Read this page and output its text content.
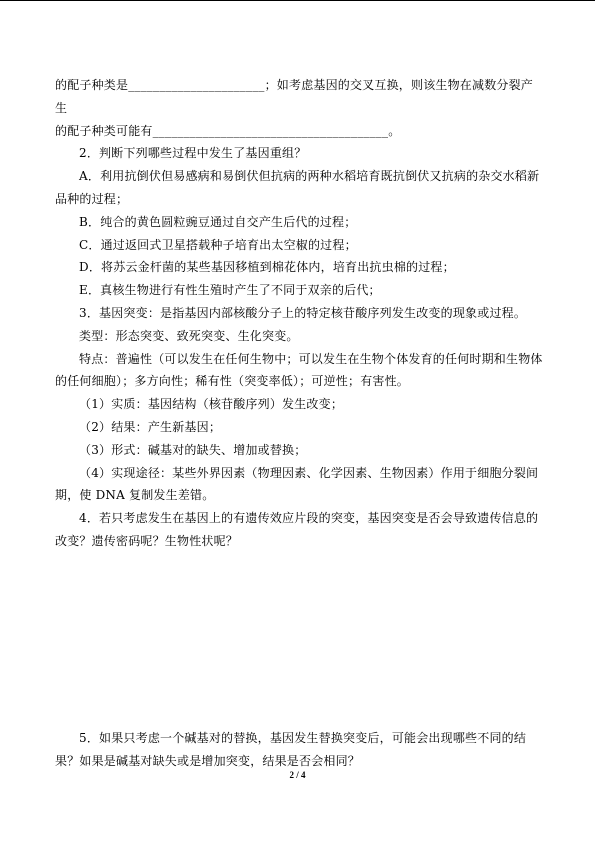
的配子种类是______________________；如考虑基因的交叉互换，则该生物在减数分裂产生

的配子种类可能有______________________________________。

2．判断下列哪些过程中发生了基因重组？

A．利用抗倒伏但易感病和易倒伏但抗病的两种水稻培育既抗倒伏又抗病的杂交水稻新品种的过程；

B．纯合的黄色圆粒豌豆通过自交产生后代的过程；

C．通过返回式卫星搭载种子培育出太空椒的过程；

D．将苏云金杆菌的某些基因移植到棉花体内，培育出抗虫棉的过程；

E．真核生物进行有性生殖时产生了不同于双亲的后代；

3．基因突变：是指基因内部核酸分子上的特定核苷酸序列发生改变的现象或过程。

类型：形态突变、致死突变、生化突变。

特点：普遍性（可以发生在任何生物中；可以发生在生物个体发育的任何时期和生物体的任何细胞）；多方向性；稀有性（突变率低）；可逆性；有害性。

（1）实质：基因结构（核苷酸序列）发生改变；

（2）结果：产生新基因；

（3）形式：碱基对的缺失、增加或替换；

（4）实现途径：某些外界因素（物理因素、化学因素、生物因素）作用于细胞分裂间期，使 DNA 复制发生差错。

4．若只考虑发生在基因上的有遗传效应片段的突变，基因突变是否会导致遗传信息的改变？遗传密码呢？生物性状呢？

5．如果只考虑一个碱基对的替换，基因发生替换突变后，可能会出现哪些不同的结果？如果是碱基对缺失或是增加突变，结果是否会相同？

2 / 4
